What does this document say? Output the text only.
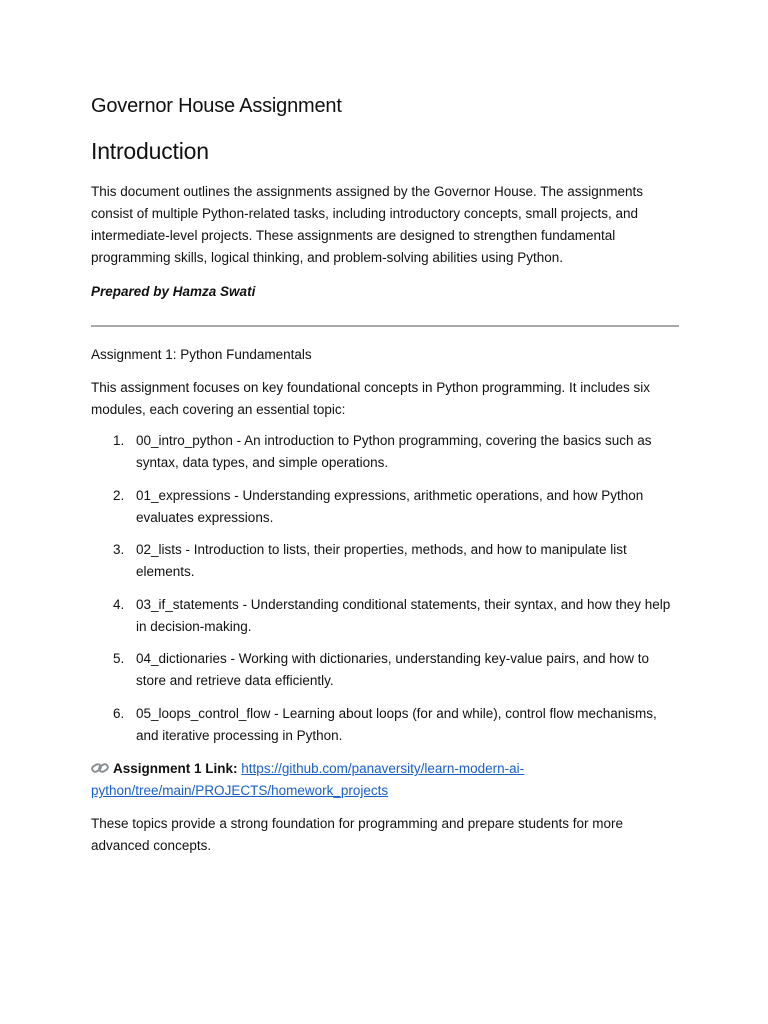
Governor House Assignment
Introduction

This document outlines the assignments assigned by the Governor House. The assignments consist of multiple Python-related tasks, including introductory concepts, small projects, and intermediate-level projects. These assignments are designed to strengthen fundamental programming skills, logical thinking, and problem-solving abilities using Python.

Prepared by Hamza Swati

Assignment 1: Python Fundamentals

This assignment focuses on key foundational concepts in Python programming. It includes six modules, each covering an essential topic:

1. 00_intro_python - An introduction to Python programming, covering the basics such as syntax, data types, and simple operations.
2. 01_expressions - Understanding expressions, arithmetic operations, and how Python evaluates expressions.
3. 02_lists - Introduction to lists, their properties, methods, and how to manipulate list elements.
4. 03_if_statements - Understanding conditional statements, their syntax, and how they help in decision-making.
5. 04_dictionaries - Working with dictionaries, understanding key-value pairs, and how to store and retrieve data efficiently.
6. 05_loops_control_flow - Learning about loops (for and while), control flow mechanisms, and iterative processing in Python.

Assignment 1 Link: https://github.com/panaversity/learn-modern-ai-python/tree/main/PROJECTS/homework_projects

These topics provide a strong foundation for programming and prepare students for more advanced concepts.
